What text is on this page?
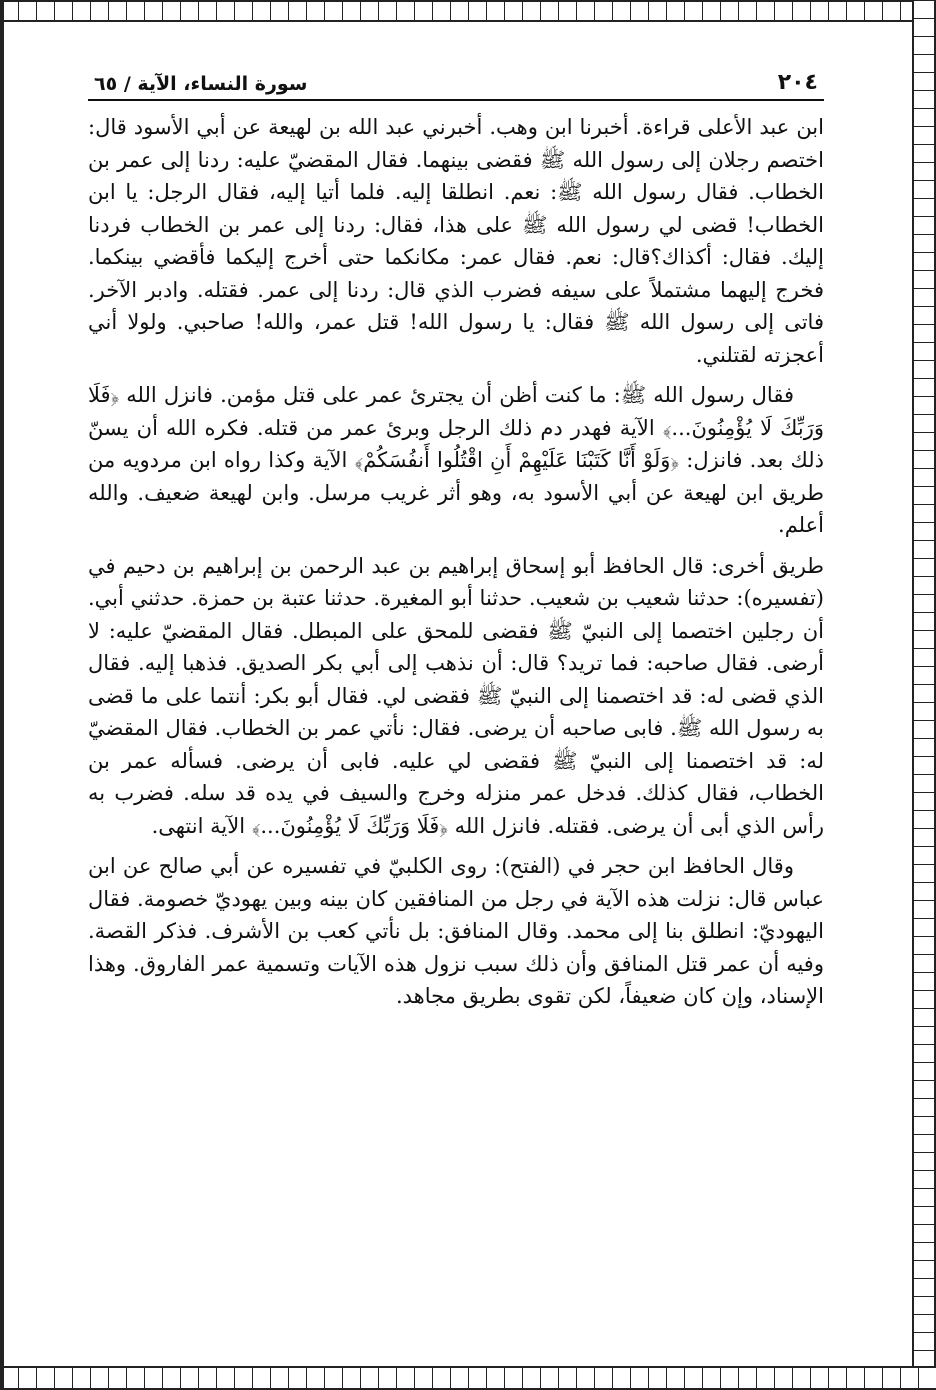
٢٠٤
سورة النساء، الآية / ٦٥

ابن عبد الأعلى قراءة. أخبرنا ابن وهب. أخبرني عبد الله بن لهيعة عن أبي الأسود قال: اختصم رجلان إلى رسول الله ﷺ فقضى بينهما. فقال المقضيّ عليه: ردنا إلى عمر بن الخطاب. فقال رسول الله ﷺ: نعم. انطلقا إليه. فلما أتيا إليه، فقال الرجل: يا ابن الخطاب! قضى لي رسول الله ﷺ على هذا، فقال: ردنا إلى عمر بن الخطاب فردنا إليك. فقال: أكذاك؟قال: نعم. فقال عمر: مكانكما حتى أخرج إليكما فأقضي بينكما. فخرج إليهما مشتملاً على سيفه فضرب الذي قال: ردنا إلى عمر. فقتله. وادبر الآخر. فاتى إلى رسول الله ﷺ فقال: يا رسول الله! قتل عمر، والله! صاحبي. ولولا أني أعجزته لقتلني.

فقال رسول الله ﷺ: ما كنت أظن أن يجترئ عمر على قتل مؤمن. فانزل الله ﴿فَلَا وَرَبِّكَ لَا يُؤْمِنُونَ...﴾ الآية فهدر دم ذلك الرجل وبرئ عمر من قتله. فكره الله أن يسنّ ذلك بعد. فانزل: ﴿وَلَوْ أَنَّا كَتَبْنَا عَلَيْهِمْ أَنِ اقْتُلُوا أَنفُسَكُمْ﴾ الآية وكذا رواه ابن مردويه من طريق ابن لهيعة عن أبي الأسود به، وهو أثر غريب مرسل. وابن لهيعة ضعيف. والله أعلم.

طريق أخرى: قال الحافظ أبو إسحاق إبراهيم بن عبد الرحمن بن إبراهيم بن دحيم في (تفسيره): حدثنا شعيب بن شعيب. حدثنا أبو المغيرة. حدثنا عتبة بن حمزة. حدثني أبي. أن رجلين اختصما إلى النبيّ ﷺ فقضى للمحق على المبطل. فقال المقضيّ عليه: لا أرضى. فقال صاحبه: فما تريد؟ قال: أن نذهب إلى أبي بكر الصديق. فذهبا إليه. فقال الذي قضى له: قد اختصمنا إلى النبيّ ﷺ فقضى لي. فقال أبو بكر: أنتما على ما قضى به رسول الله ﷺ. فابى صاحبه أن يرضى. فقال: نأتي عمر بن الخطاب. فقال المقضيّ له: قد اختصمنا إلى النبيّ ﷺ فقضى لي عليه. فابى أن يرضى. فسأله عمر بن الخطاب، فقال كذلك. فدخل عمر منزله وخرج والسيف في يده قد سله. فضرب به رأس الذي أبى أن يرضى. فقتله. فانزل الله ﴿فَلَا وَرَبِّكَ لَا يُؤْمِنُونَ...﴾ الآية انتهى.

وقال الحافظ ابن حجر في (الفتح): روى الكلبيّ في تفسيره عن أبي صالح عن ابن عباس قال: نزلت هذه الآية في رجل من المنافقين كان بينه وبين يهوديّ خصومة. فقال اليهوديّ: انطلق بنا إلى محمد. وقال المنافق: بل نأتي كعب بن الأشرف. فذكر القصة. وفيه أن عمر قتل المنافق وأن ذلك سبب نزول هذه الآيات وتسمية عمر الفاروق. وهذا الإسناد، وإن كان ضعيفاً، لكن تقوى بطريق مجاهد.
